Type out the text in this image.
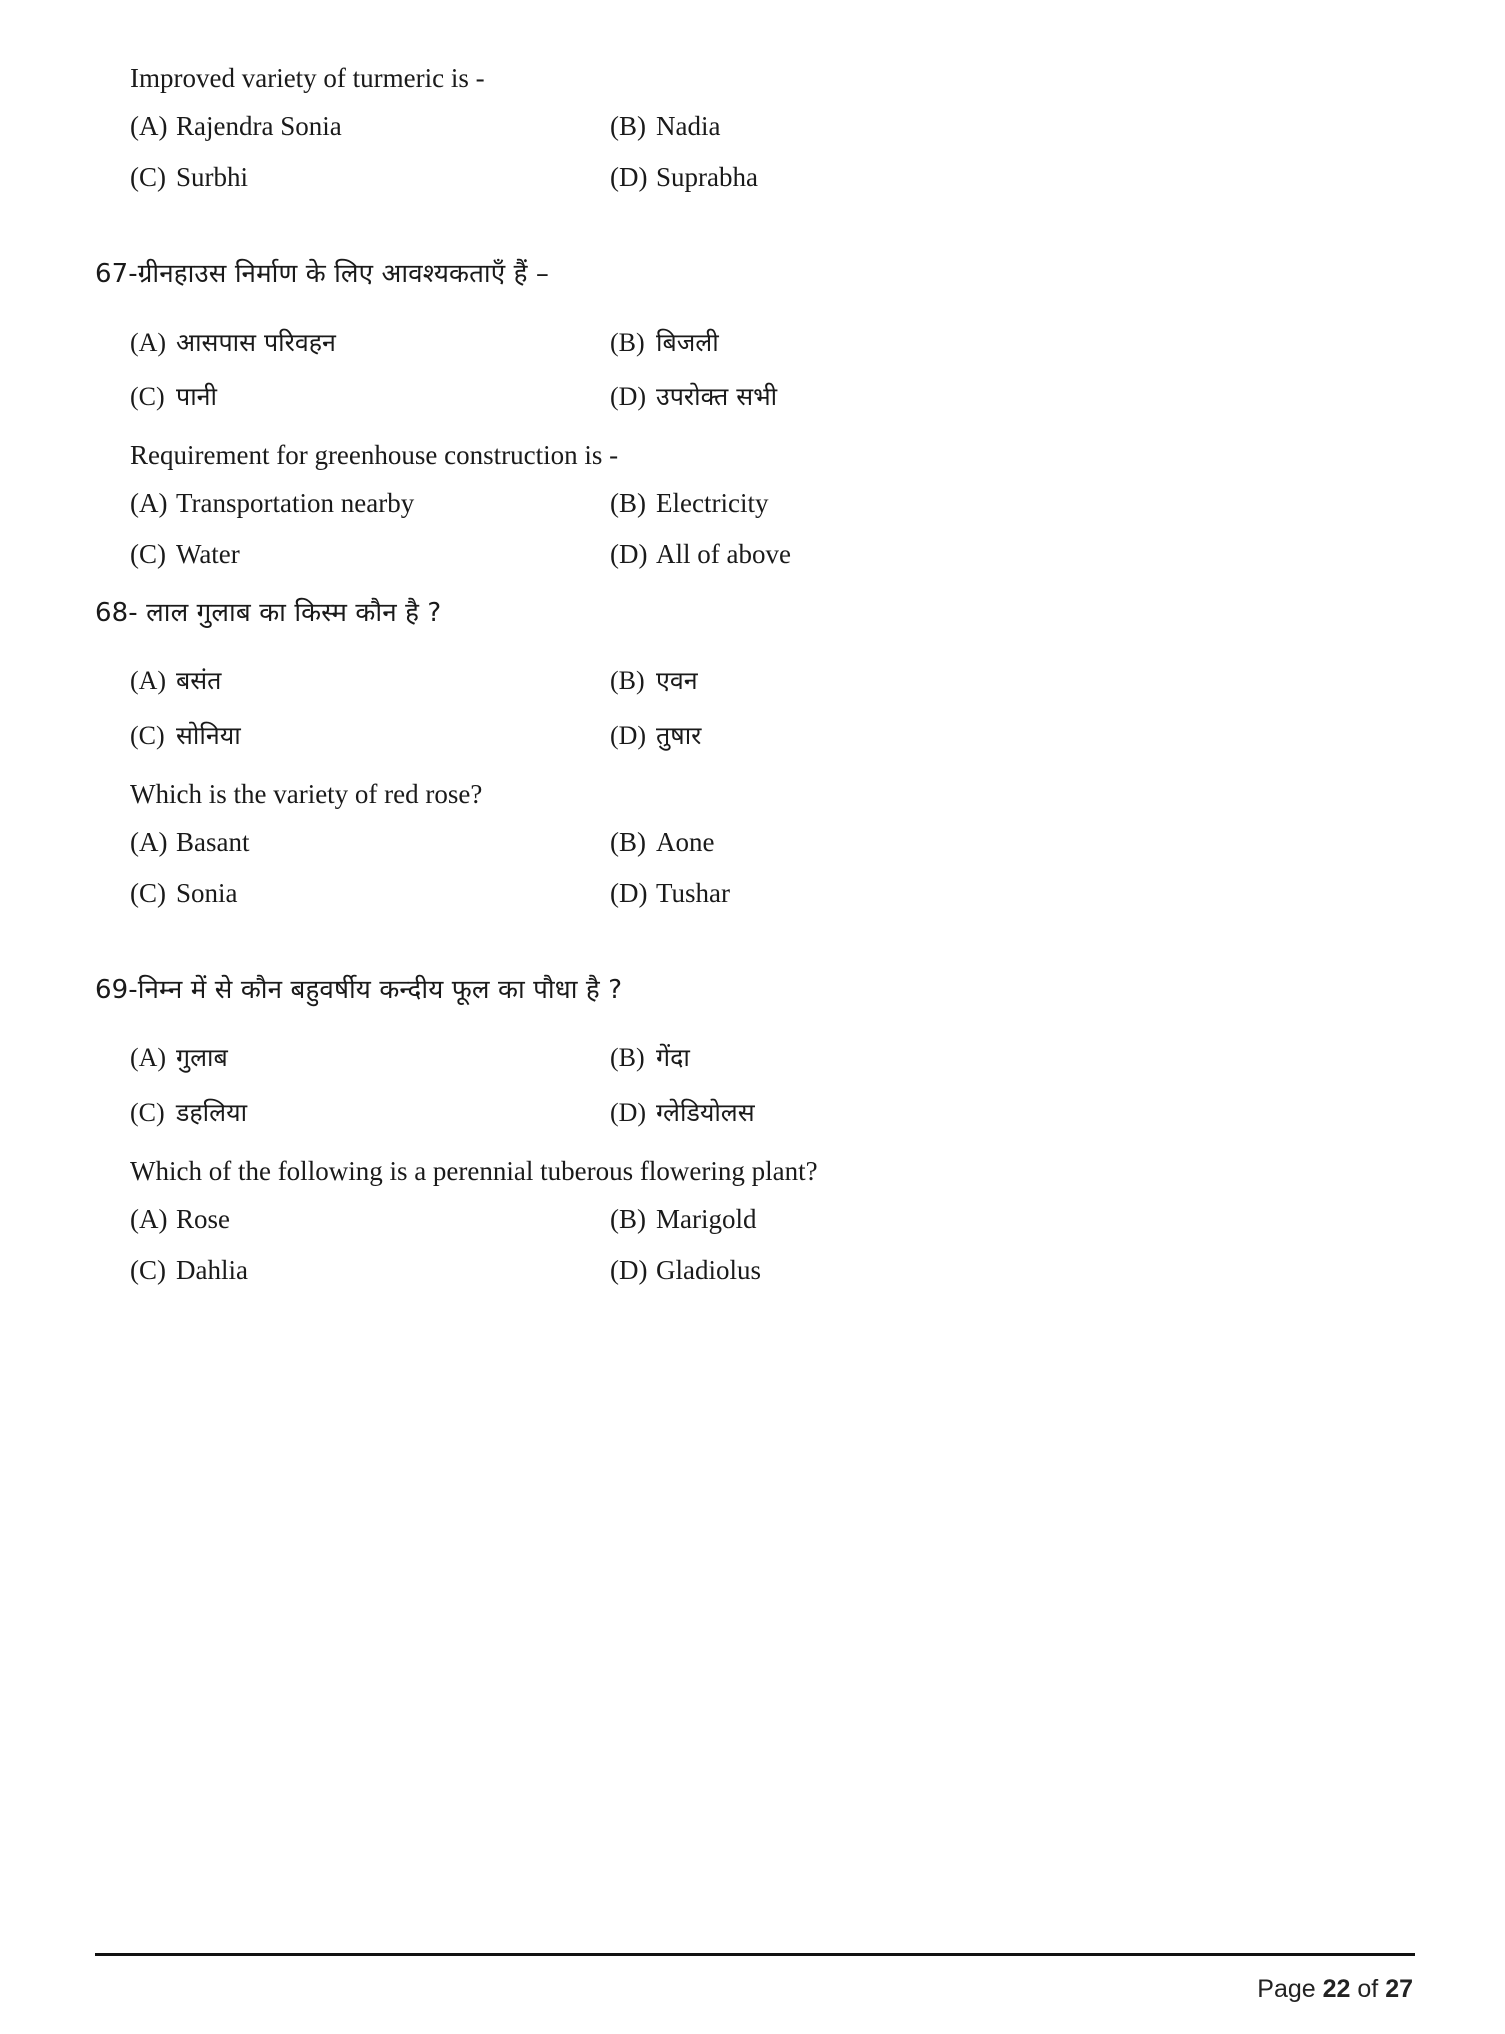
Improved variety of turmeric is -

(A) Rajendra Sonia	(B) Nadia
(C) Surbhi	(D) Suprabha

67-ग्रीनहाउस निर्माण के लिए आवश्यकताएँ हैं –

(A) आसपास परिवहन	(B) बिजली
(C) पानी	(D) उपरोक्त सभी

Requirement for greenhouse construction is -

(A) Transportation nearby	(B) Electricity
(C) Water	(D) All of above

68- लाल गुलाब का किस्म कौन है ?

(A) बसंत	(B) एवन
(C) सोनिया	(D) तुषार

Which is the variety of red rose?

(A) Basant	(B) Aone
(C) Sonia	(D) Tushar

69-निम्न में से कौन बहुवर्षीय कन्दीय फूल का पौधा है ?

(A) गुलाब	(B) गेंदा
(C) डहलिया	(D) ग्लेडियोलस

Which of the following is a perennial tuberous flowering plant?

(A) Rose	(B) Marigold
(C) Dahlia	(D) Gladiolus
Page 22 of 27
